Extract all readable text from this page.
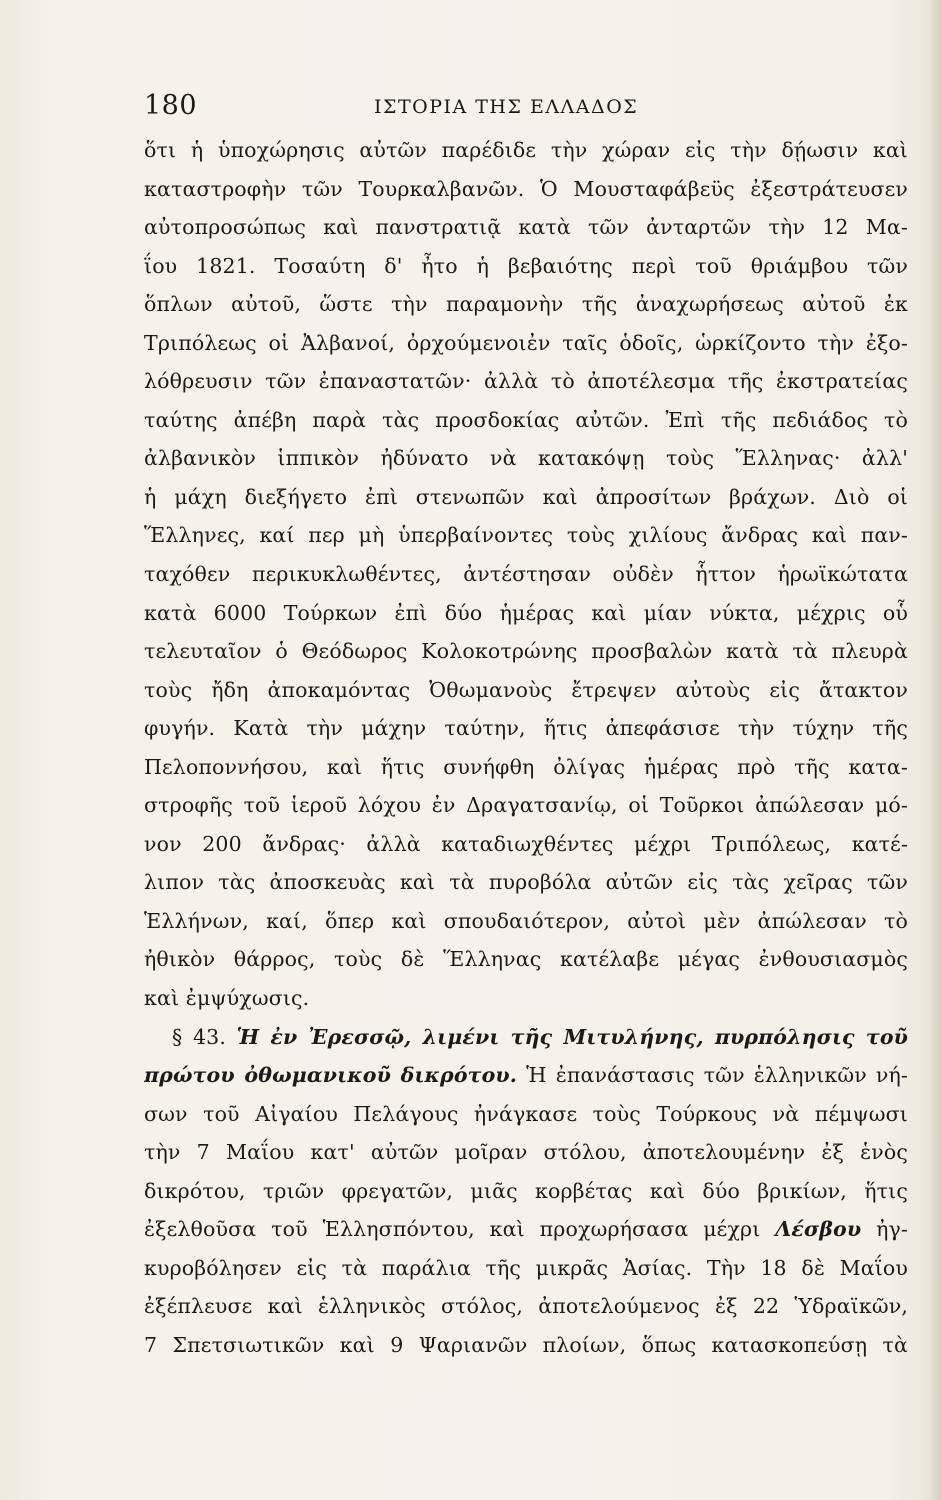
180	ΙΣΤΟΡΙΑ ΤΗΣ ΕΛΛΑΔΟΣ
ὅτι ἡ ὑποχώρησις αὐτῶν παρέδιδε τὴν χώραν εἰς τὴν δῄωσιν καὶ
καταστροφὴν τῶν Τουρκαλβανῶν. Ὁ Μουσταφάβεϋς ἐξεστράτευσεν
αὐτοπροσώπως καὶ πανστρατιᾷ κατὰ τῶν ἀνταρτῶν τὴν 12 Μα-
ΐου 1821. Τοσαύτη δ' ἦτο ἡ βεβαιότης περὶ τοῦ θριάμβου τῶν
ὅπλων αὐτοῦ, ὥστε τὴν παραμονὴν τῆς ἀναχωρήσεως αὐτοῦ ἐκ
Τριπόλεως οἱ Ἀλβανοί, ὀρχούμενοιἐν ταῖς ὁδοῖς, ὡρκίζοντο τὴν ἐξο-
λόθρευσιν τῶν ἐπαναστατῶν· ἀλλὰ τὸ ἀποτέλεσμα τῆς ἐκστρατείας
ταύτης ἀπέβη παρὰ τὰς προσδοκίας αὐτῶν. Ἐπὶ τῆς πεδιάδος τὸ
ἀλβανικὸν ἱππικὸν ἠδύνατο νὰ κατακόψῃ τοὺς Ἕλληνας· ἀλλ'
ἡ μάχη διεξήγετο ἐπὶ στενωπῶν καὶ ἀπροσίτων βράχων. Διὸ οἱ
Ἕλληνες, καί περ μὴ ὑπερβαίνοντες τοὺς χιλίους ἄνδρας καὶ παν-
ταχόθεν περικυκλωθέντες, ἀντέστησαν οὐδὲν ἧττον ἡρωϊκώτατα
κατὰ 6000 Τούρκων ἐπὶ δύο ἡμέρας καὶ μίαν νύκτα, μέχρις οὗ
τελευταῖον ὁ Θεόδωρος Κολοκοτρώνης προσβαλὼν κατὰ τὰ πλευρὰ
τοὺς ἤδη ἀποκαμόντας Ὀθωμανοὺς ἔτρεψεν αὐτοὺς εἰς ἄτακτον
φυγήν. Κατὰ τὴν μάχην ταύτην, ἥτις ἀπεφάσισε τὴν τύχην τῆς
Πελοποννήσου, καὶ ἥτις συνήφθη ὀλίγας ἡμέρας πρὸ τῆς κατα-
στροφῆς τοῦ ἱεροῦ λόχου ἐν Δραγατσανίῳ, οἱ Τοῦρκοι ἀπώλεσαν μό-
νον 200 ἄνδρας· ἀλλὰ καταδιωχθέντες μέχρι Τριπόλεως, κατέ-
λιπον τὰς ἀποσκευὰς καὶ τὰ πυροβόλα αὐτῶν εἰς τὰς χεῖρας τῶν
Ἑλλήνων, καί, ὅπερ καὶ σπουδαιότερον, αὐτοὶ μὲν ἀπώλεσαν τὸ
ἠθικὸν θάρρος, τοὺς δὲ Ἕλληνας κατέλαβε μέγας ἐνθουσιασμὸς
καὶ ἐμψύχωσις.
§ 43. Ἡ ἐν Ἐρεσσῷ, λιμένι τῆς Μιτυλήνης, πυρπόλησις τοῦ
πρώτου ὀθωμανικοῦ δικρότου. Ἡ ἐπανάστασις τῶν ἑλληνικῶν νή-
σων τοῦ Αἰγαίου Πελάγους ἠνάγκασε τοὺς Τούρκους νὰ πέμψωσι
τὴν 7 Μαΐου κατ' αὐτῶν μοῖραν στόλου, ἀποτελουμένην ἐξ ἑνὸς
δικρότου, τριῶν φρεγατῶν, μιᾶς κορβέτας καὶ δύο βρικίων, ἥτις
ἐξελθοῦσα τοῦ Ἑλλησπόντου, καὶ προχωρήσασα μέχρι Λέσβου ἠγ-
κυροβόλησεν εἰς τὰ παράλια τῆς μικρᾶς Ἀσίας. Τὴν 18 δὲ Μαΐου
ἐξέπλευσε καὶ ἑλληνικὸς στόλος, ἀποτελούμενος ἐξ 22 Ὑδραϊκῶν,
7 Σπετσιωτικῶν καὶ 9 Ψαριανῶν πλοίων, ὅπως κατασκοπεύσῃ τὰ
